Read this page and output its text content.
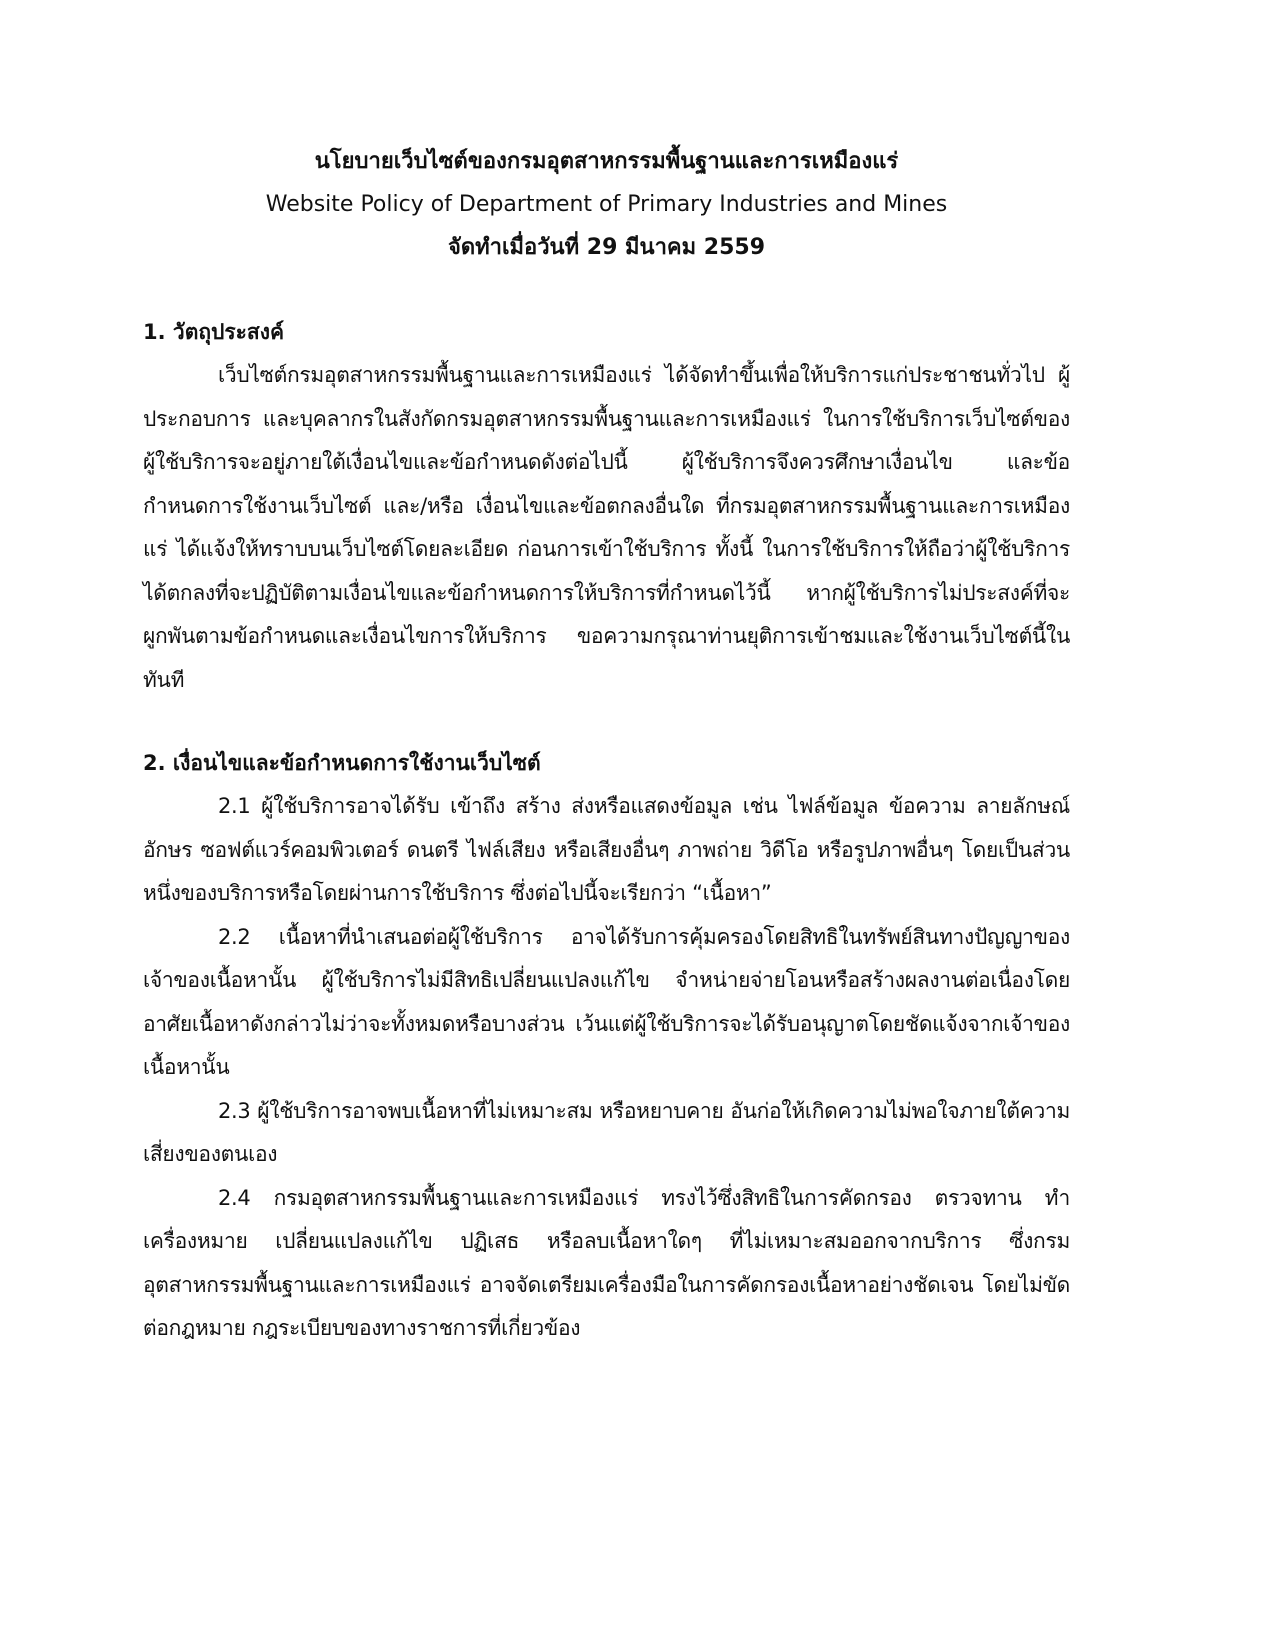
นโยบายเว็บไซต์ของกรมอุตสาหกรรมพื้นฐานและการเหมืองแร่
Website Policy of Department of Primary Industries and Mines
จัดทำเมื่อวันที่ 29 มีนาคม 2559
1. วัตถุประสงค์

เว็บไซต์กรมอุตสาหกรรมพื้นฐานและการเหมืองแร่ ได้จัดทำขึ้นเพื่อให้บริการแก่ประชาชนทั่วไป ผู้ประกอบการ และบุคลากรในสังกัดกรมอุตสาหกรรมพื้นฐานและการเหมืองแร่ ในการใช้บริการเว็บไซต์ของผู้ใช้บริการจะอยู่ภายใต้เงื่อนไขและข้อกำหนดดังต่อไปนี้ ผู้ใช้บริการจึงควรศึกษาเงื่อนไข และข้อกำหนดการใช้งานเว็บไซต์ และ/หรือ เงื่อนไขและข้อตกลงอื่นใด ที่กรมอุตสาหกรรมพื้นฐานและการเหมืองแร่ ได้แจ้งให้ทราบบนเว็บไซต์โดยละเอียด ก่อนการเข้าใช้บริการ ทั้งนี้ ในการใช้บริการให้ถือว่าผู้ใช้บริการได้ตกลงที่จะปฏิบัติตามเงื่อนไขและข้อกำหนดการให้บริการที่กำหนดไว้นี้ หากผู้ใช้บริการไม่ประสงค์ที่จะผูกพันตามข้อกำหนดและเงื่อนไขการให้บริการ ขอความกรุณาท่านยุติการเข้าชมและใช้งานเว็บไซต์นี้ในทันที

2. เงื่อนไขและข้อกำหนดการใช้งานเว็บไซต์

2.1 ผู้ใช้บริการอาจได้รับ เข้าถึง สร้าง ส่งหรือแสดงข้อมูล เช่น ไฟล์ข้อมูล ข้อความ ลายลักษณ์อักษร ซอฟต์แวร์คอมพิวเตอร์ ดนตรี ไฟล์เสียง หรือเสียงอื่นๆ ภาพถ่าย วิดีโอ หรือรูปภาพอื่นๆ โดยเป็นส่วนหนึ่งของบริการหรือโดยผ่านการใช้บริการ ซึ่งต่อไปนี้จะเรียกว่า “เนื้อหา”

2.2 เนื้อหาที่นำเสนอต่อผู้ใช้บริการ อาจได้รับการคุ้มครองโดยสิทธิในทรัพย์สินทางปัญญาของเจ้าของเนื้อหานั้น ผู้ใช้บริการไม่มีสิทธิเปลี่ยนแปลงแก้ไข จำหน่ายจ่ายโอนหรือสร้างผลงานต่อเนื่องโดยอาศัยเนื้อหาดังกล่าวไม่ว่าจะทั้งหมดหรือบางส่วน เว้นแต่ผู้ใช้บริการจะได้รับอนุญาตโดยชัดแจ้งจากเจ้าของเนื้อหานั้น

2.3 ผู้ใช้บริการอาจพบเนื้อหาที่ไม่เหมาะสม หรือหยาบคาย อันก่อให้เกิดความไม่พอใจภายใต้ความเสี่ยงของตนเอง

2.4 กรมอุตสาหกรรมพื้นฐานและการเหมืองแร่ ทรงไว้ซึ่งสิทธิในการคัดกรอง ตรวจทาน ทำเครื่องหมาย เปลี่ยนแปลงแก้ไข ปฏิเสธ หรือลบเนื้อหาใดๆ ที่ไม่เหมาะสมออกจากบริการ ซึ่งกรมอุตสาหกรรมพื้นฐานและการเหมืองแร่ อาจจัดเตรียมเครื่องมือในการคัดกรองเนื้อหาอย่างชัดเจน โดยไม่ขัดต่อกฎหมาย กฎระเบียบของทางราชการที่เกี่ยวข้อง
